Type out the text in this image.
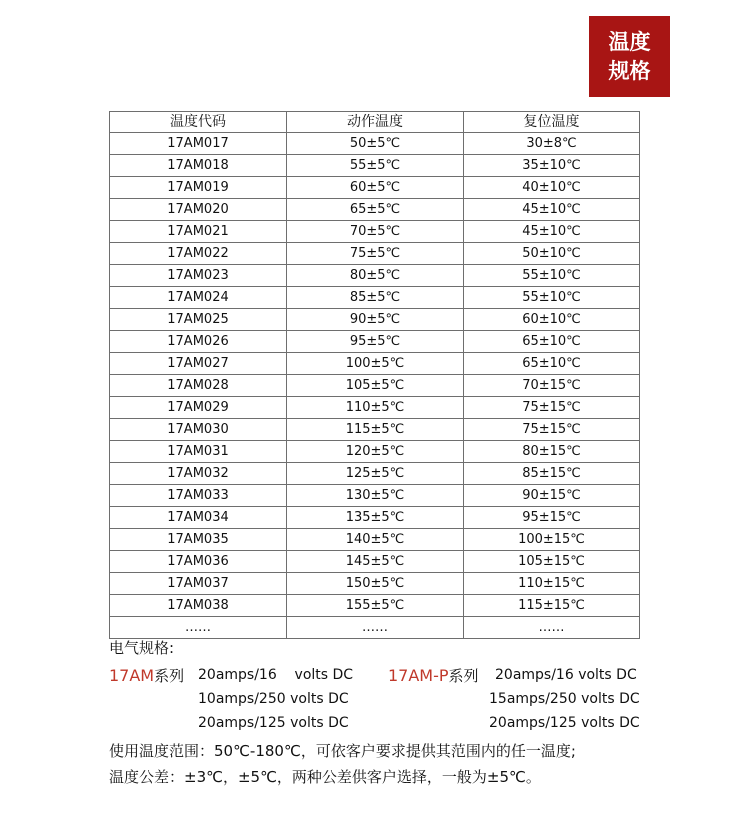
温度
规格
温度代码	动作温度	复位温度
17AM017	50±5℃	30±8℃
17AM018	55±5℃	35±10℃
17AM019	60±5℃	40±10℃
17AM020	65±5℃	45±10℃
17AM021	70±5℃	45±10℃
17AM022	75±5℃	50±10℃
17AM023	80±5℃	55±10℃
17AM024	85±5℃	55±10℃
17AM025	90±5℃	60±10℃
17AM026	95±5℃	65±10℃
17AM027	100±5℃	65±10℃
17AM028	105±5℃	70±15℃
17AM029	110±5℃	75±15℃
17AM030	115±5℃	75±15℃
17AM031	120±5℃	80±15℃
17AM032	125±5℃	85±15℃
17AM033	130±5℃	90±15℃
17AM034	135±5℃	95±15℃
17AM035	140±5℃	100±15℃
17AM036	145±5℃	105±15℃
17AM037	150±5℃	110±15℃
17AM038	155±5℃	115±15℃
……	……	……
电气规格:
17AM系列 20amps/16    volts DC
10amps/250 volts DC
20amps/125 volts DC
17AM-P系列 20amps/16 volts DC
15amps/250 volts DC
20amps/125 volts DC
使用温度范围：50℃-180℃，可依客户要求提供其范围内的任一温度;
温度公差：±3℃，±5℃，两种公差供客户选择，一般为±5℃。
